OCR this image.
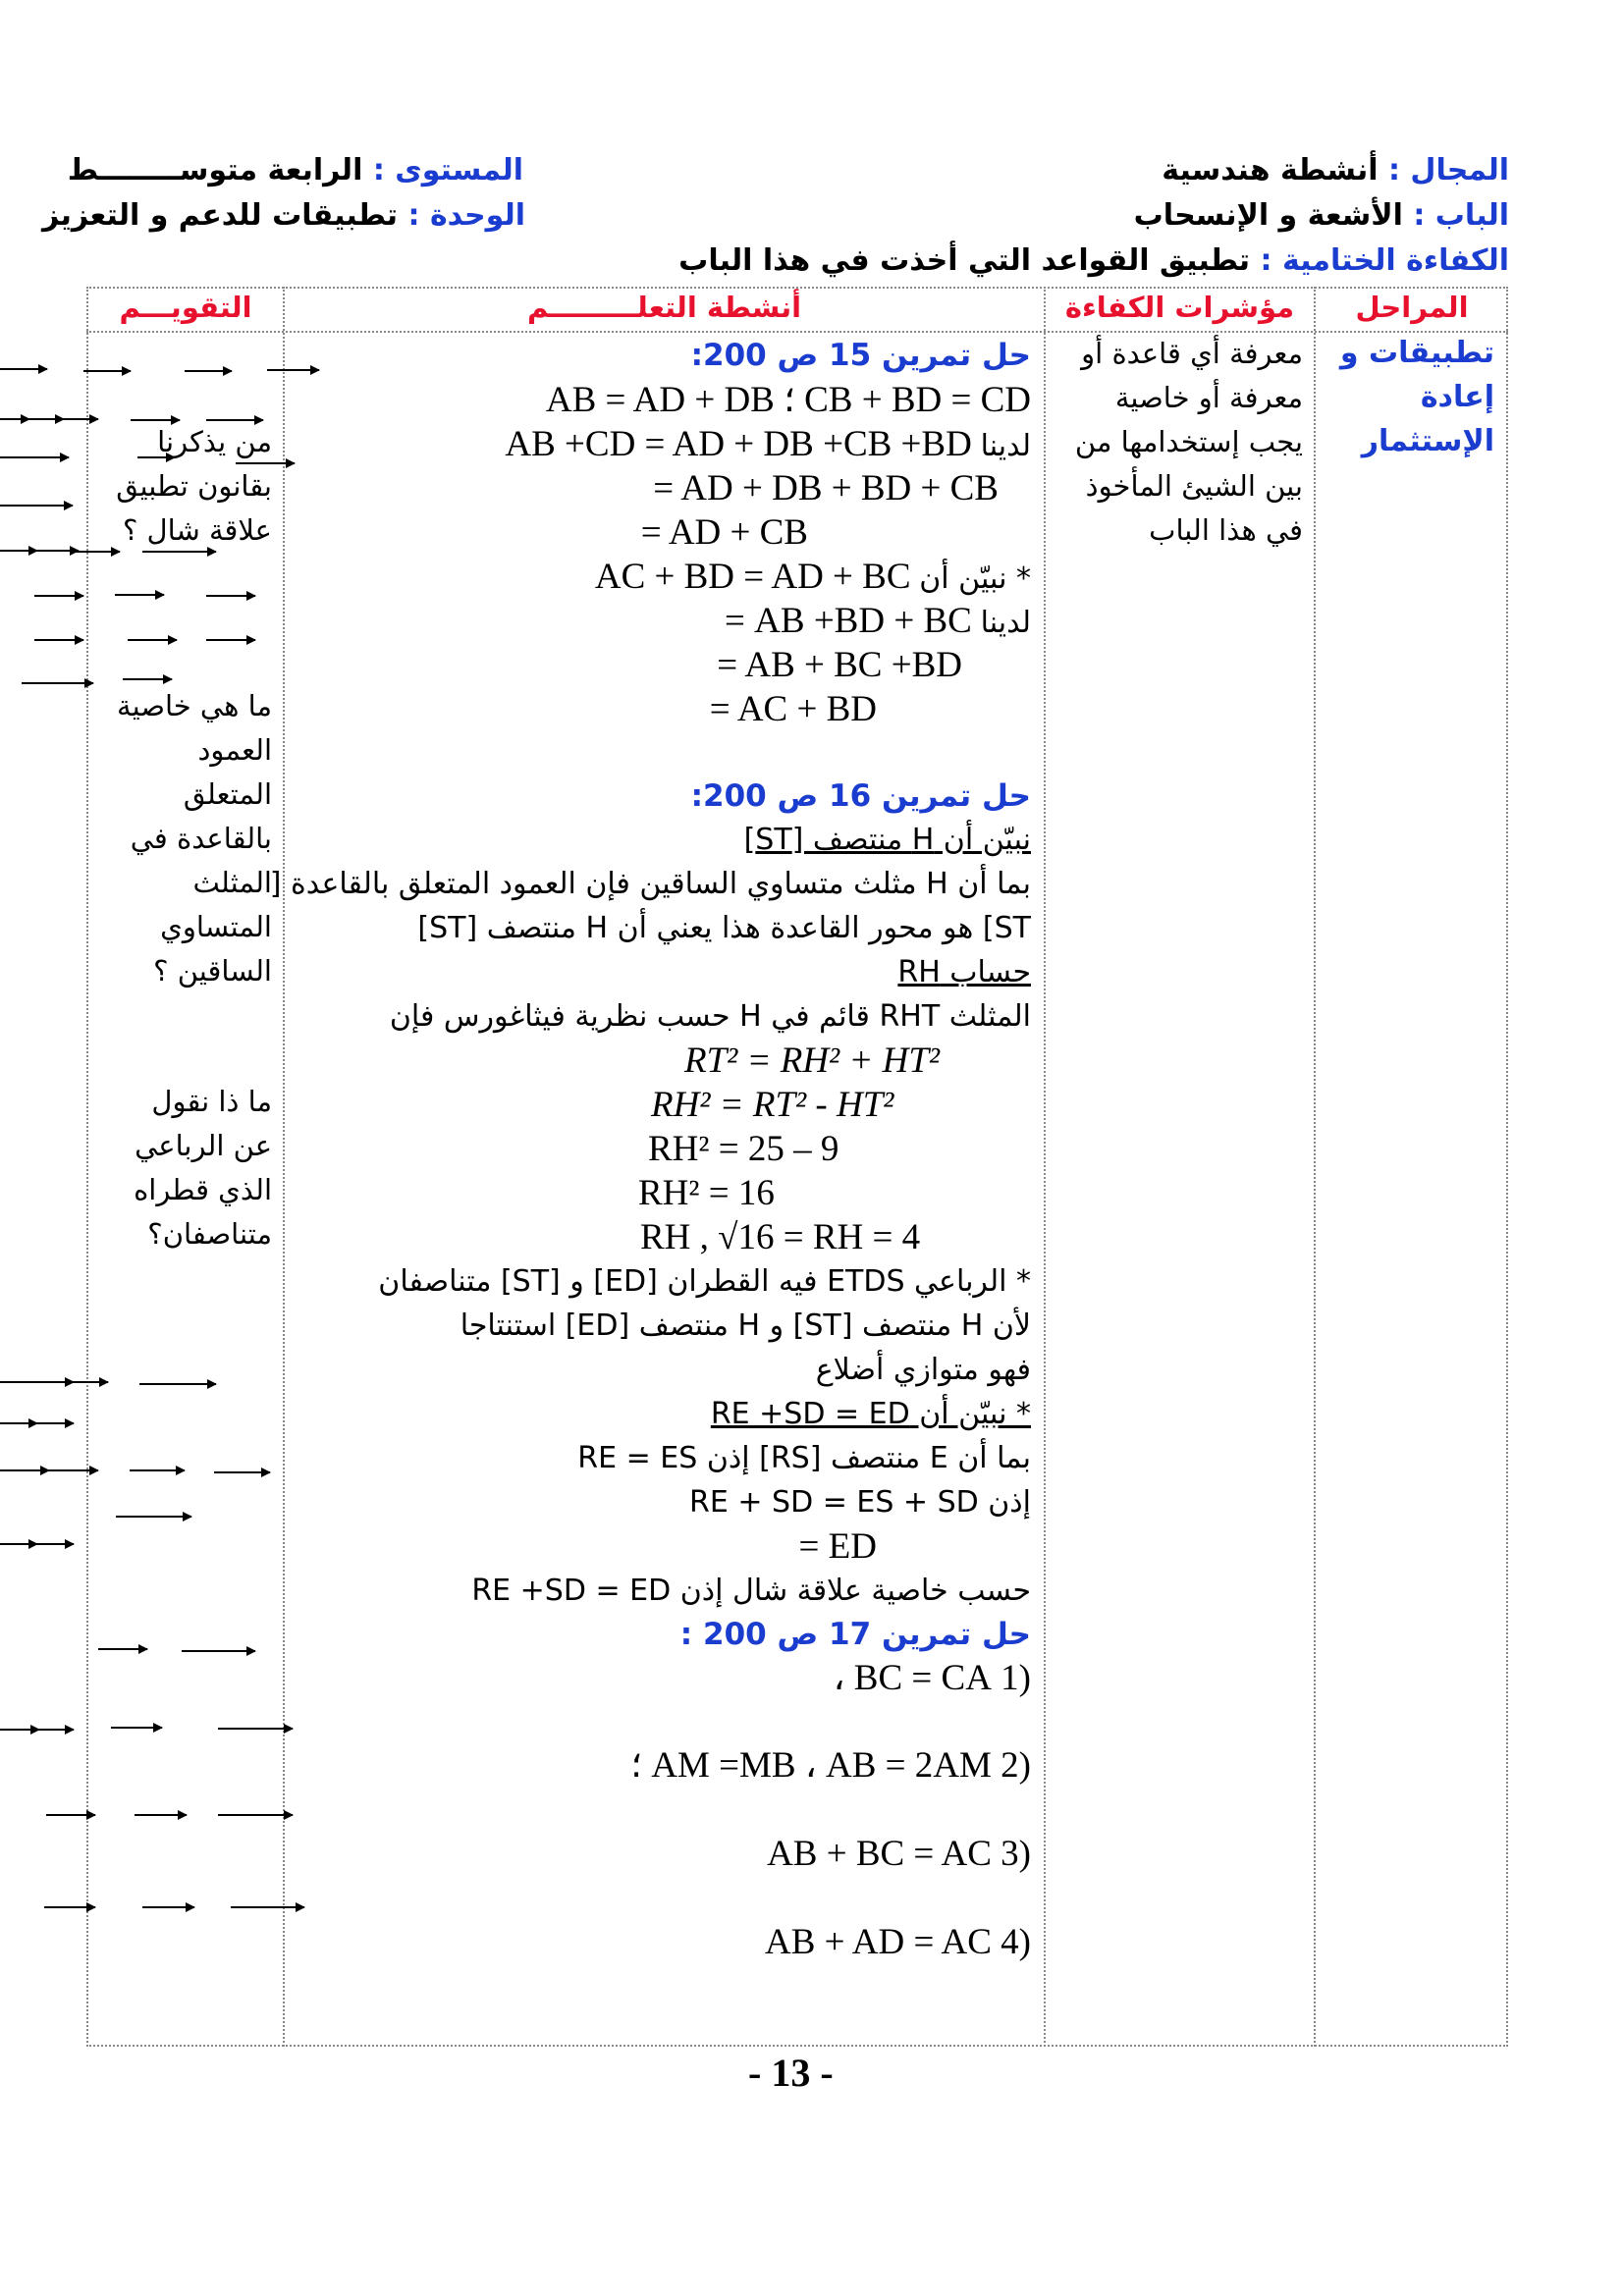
المجال : أنشطة هندسية
الباب : الأشعة و الإنسحاب
الكفاءة الختامية : تطبيق القواعد التي أخذت في هذا الباب
المستوى : الرابعة متوســــــــط
الوحدة : تطبيقات للدعم و التعزيز
المراحل
مؤشرات الكفاءة
أنشطة التعلـــــــــم
التقويـــم
تطبيقات و
إعادة
الإستثمار
معرفة أي قاعدة أو
معرفة أو خاصية
يجب إستخدامها من
بين الشيئ المأخوذ
في هذا الباب
من يذكرنا
بقانون تطبيق
علاقة شال ؟
ما هي خاصية
العمود
المتعلق
بالقاعدة في
المثلث
المتساوي
الساقين ؟
ما ذا نقول
عن الرباعي
الذي قطراه
متناصفان؟
حل تمرين 15 ص 200:
AB = AD + DB ؛ CB + BD = CD
لدينا AB +CD = AD + DB +CB +BD
= AD + DB + BD + CB
= AD + CB
* نبيّن أن AC + BD = AD + BC
لدينا = AB +BD + BC
= AB + BC +BD
= AC + BD
حل تمرين 16 ص 200:
نبيّن أن H منتصف [ST]
بما أن H مثلث متساوي الساقين فإن العمود المتعلق بالقاعدة [
ST] هو محور القاعدة هذا يعني أن H منتصف [ST]
حساب RH
المثلث RHT قائم في H حسب نظرية فيثاغورس فإن
RT² = RH² + HT²
RH² = RT² - HT²
RH² = 25 – 9
RH² = 16
RH , √16 = RH = 4
* الرباعي ETDS فيه القطران [ED] و [ST] متناصفان
لأن H منتصف [ST] و H منتصف [ED] استنتاجا
فهو متوازي أضلاع
* نبيّن أن RE +SD = ED
بما أن E منتصف [RS] إذن RE = ES
إذن RE + SD = ES + SD
= ED
حسب خاصية علاقة شال إذن RE +SD = ED
حل تمرين 17 ص 200 :
(1 BC = CA ،
(2 AM =MB ، AB = 2AM ؛
(3 AB + BC = AC
(4 AB + AD = AC
- 13 -
